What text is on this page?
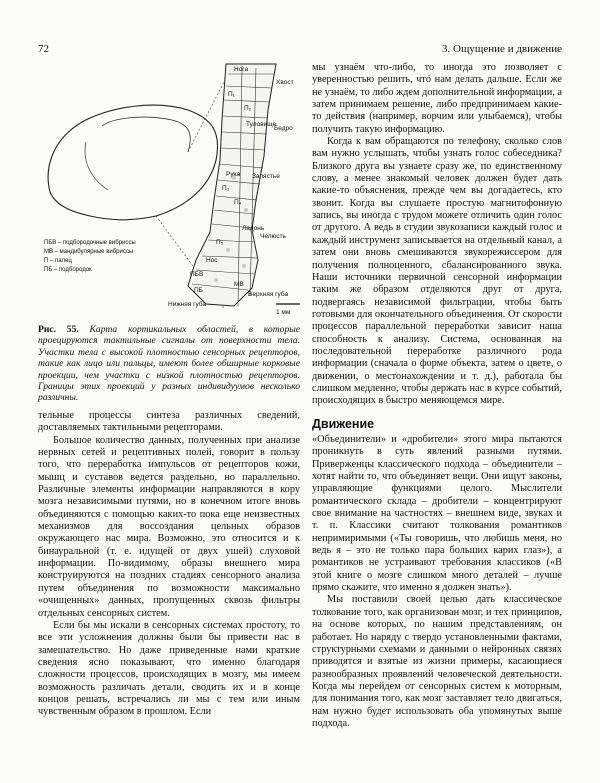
72	3. Ощущение и движение
Нога
Хвост
Бедро
П₁
П₂
Туловище
Рука Запястье
П₃
П₄
Ладонь
П₅
Челюсть
Нос
ПБВ
МВ
ПБ
Нижняя губа
Верхняя губа
1 мм
ПБВ – подбородочные вибриссы
МВ – мандибулярные вибриссы
П – палец
ПБ – подбородок

Рис. 55. Карта кортикальных областей, в которые проецируются тактильные сигналы от поверхности тела. Участки тела с высокой плотностью сенсорных рецепторов, такие как лицо или пальцы, имеют более обширные корковые проекции, чем участки с низкой плотностью рецепторов. Границы этих проекций у разных индивидуумов несколько различны.

тельные процессы синтеза различных сведений, доставляемых тактильными рецепторами.

Большое количество данных, полученных при анализе нервных сетей и рецептивных полей, говорит в пользу того, что переработка импульсов от рецепторов кожи, мышц и суставов ведется раздельно, но параллельно. Различные элементы информации направляются в кору мозга независимыми путями, но в конечном итоге вновь объединяются с помощью каких-то пока еще неизвестных механизмов для воссоздания цельных образов окружающего нас мира. Возможно, это относится и к бинауральной (т. е. идущей от двух ушей) слуховой информации. По-видимому, образы внешнего мира конструируются на поздних стадиях сенсорного анализа путем объединения по возможности максимально «очищенных» данных, пропущенных сквозь фильтры отдельных сенсорных систем.

Если бы мы искали в сенсорных системах простоту, то все эти усложнения должны были бы привести нас в замешательство. Но даже приведенные нами краткие сведения ясно показывают, что именно благодаря сложности процессов, происходящих в мозгу, мы имеем возможность различать детали, сводить их и в конце концов решать, встречались ли мы с тем или иным чувственным образом в прошлом. Если

мы узнаём что-либо, то иногда это позволяет с уверенностью решить, чтó нам делать дальше. Если же не узнаём, то либо ждем дополнительной информации, а затем принимаем решение, либо предпринимаем какие-то действия (например, ворчим или улыбаемся), чтобы получить такую информацию.

Когда к вам обращаются по телефону, сколько слов вам нужно услышать, чтобы узнать голос собеседника? Близкого друга вы узнаете сразу же, по единственному слову, а менее знакомый человек должен будет дать какие-то объяснения, прежде чем вы догадаетесь, кто звонит. Когда вы слушаете простую магнитофонную запись, вы иногда с трудом можете отличить один голос от другого. А ведь в студии звукозаписи каждый голос и каждый инструмент записывается на отдельный канал, а затем они вновь смешиваются звукорежиссером для получения полноценного, сбалансированного звука. Наши источники первичной сенсорной информации таким же образом отделяются друг от друга, подвергаясь независимой фильтрации, чтобы быть готовыми для окончательного объединения. От скорости процессов параллельной переработки зависит наша способность к анализу. Система, основанная на последовательной переработке различного рода информации (сначала о форме объекта, затем о цвете, о движении, о местонахождении и т. д.), работала бы слишком медленно, чтобы держать нас в курсе событий, происходящих в быстро меняющемся мире.

Движение

«Объединители» и «дробители» этого мира пытаются проникнуть в суть явлений разными путями. Приверженцы классического подхода – объединители – хотят найти то, что объединяет вещи. Они ищут законы, управляющие функциями целого. Мыслители романтического склада – дробители – концентрируют свое внимание на частностях – внешнем виде, звуках и т. п. Классики считают толкования романтиков непримиримыми («Ты говоришь, что любишь меня, но ведь я – это не только пара больших карих глаз»), а романтиков не устраивают требования классиков («В этой книге о мозге слишком много деталей – лучше прямо скажите, что именно я должен знать»).

Мы поставили своей целью дать классическое толкование того, как организован мозг, и тех принципов, на основе которых, по нашим представлениям, он работает. Но наряду с твердо установленными фактами, структурными схемами и данными о нейронных связях приводятся и взятые из жизни примеры, касающиеся разнообразных проявлений человеческой деятельности. Когда мы перейдем от сенсорных систем к моторным, для понимания того, как мозг заставляет тело двигаться, нам нужно будет использовать оба упомянутых выше подхода.
